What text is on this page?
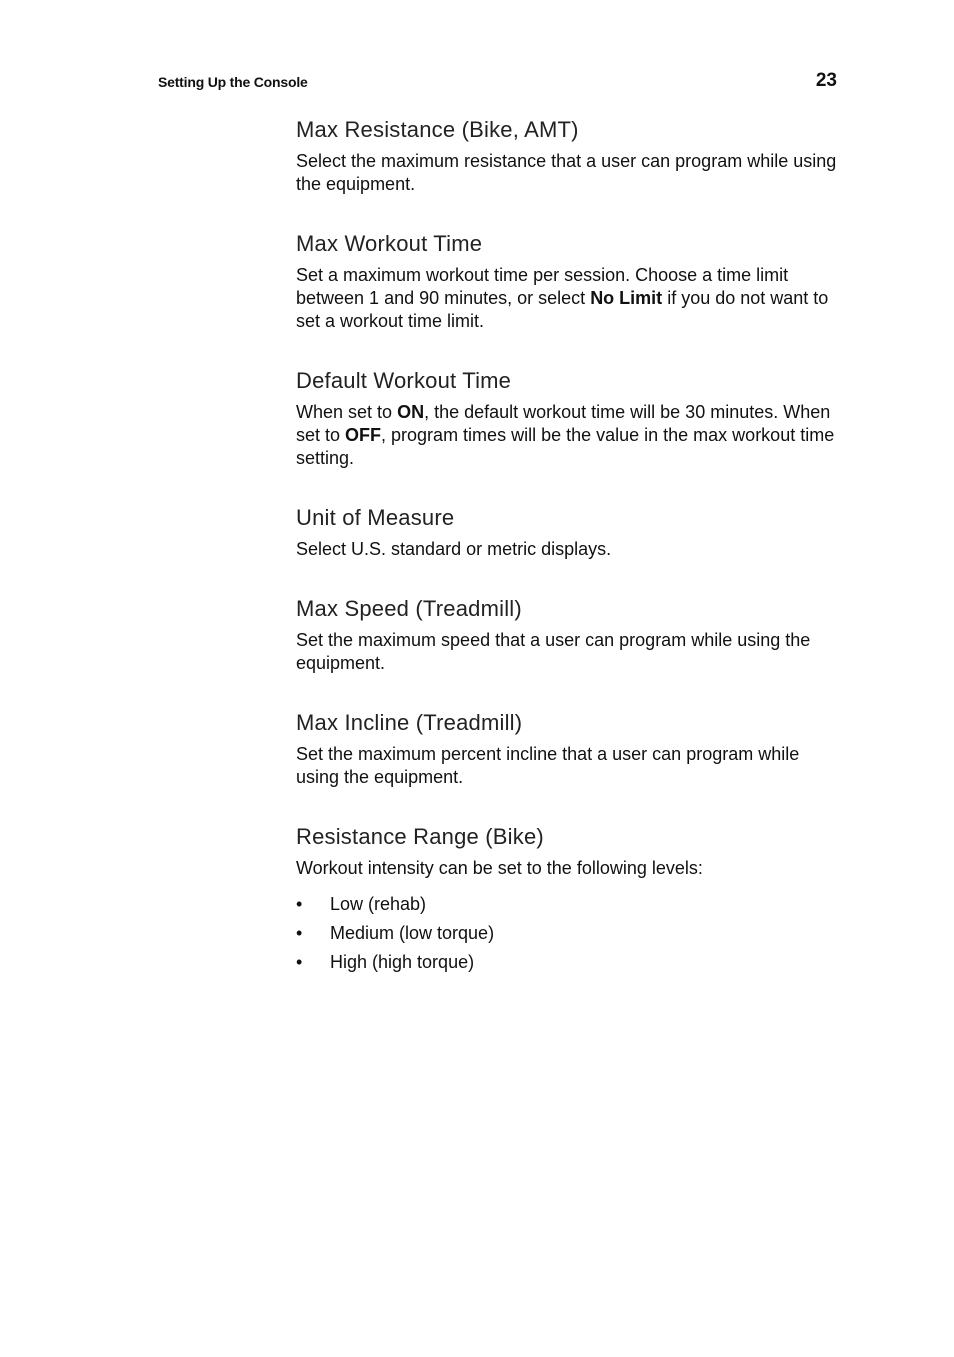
Setting Up the Console	23
Max Resistance (Bike, AMT)

Select the maximum resistance that a user can program while using the equipment.

Max Workout Time

Set a maximum workout time per session. Choose a time limit between 1 and 90 minutes, or select No Limit if you do not want to set a workout time limit.

Default Workout Time

When set to ON, the default workout time will be 30 minutes. When set to OFF, program times will be the value in the max workout time setting.

Unit of Measure

Select U.S. standard or metric displays.

Max Speed (Treadmill)

Set the maximum speed that a user can program while using the equipment.

Max Incline (Treadmill)

Set the maximum percent incline that a user can program while using the equipment.

Resistance Range (Bike)

Workout intensity can be set to the following levels:

• Low (rehab)
• Medium (low torque)
• High (high torque)
